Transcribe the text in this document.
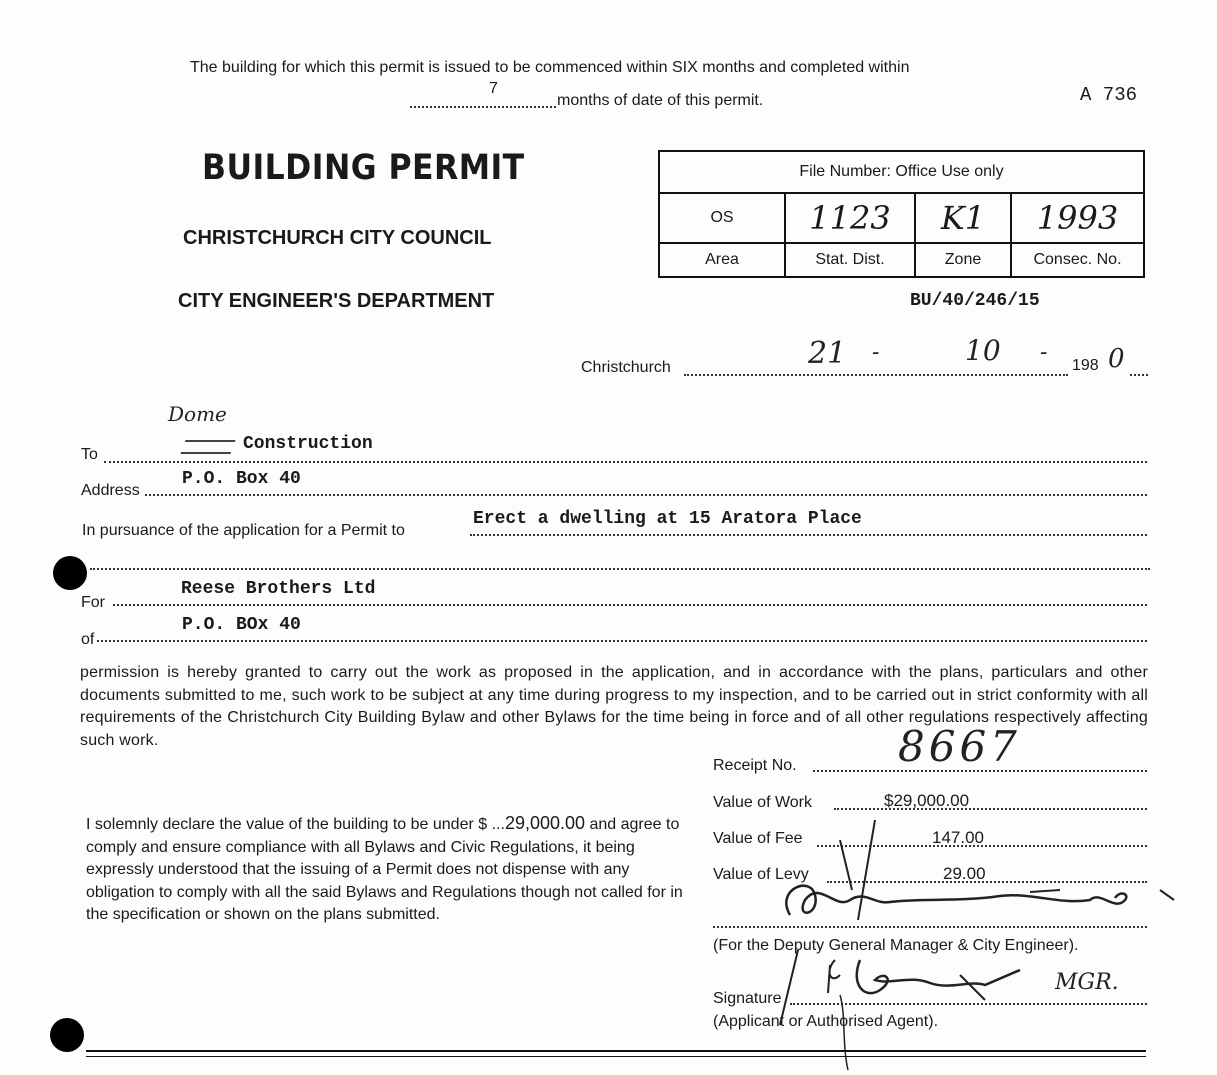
The building for which this permit is issued to be commenced within SIX months and completed within
7
months of date of this permit.	A 736
BUILDING PERMIT
CHRISTCHURCH CITY COUNCIL
CITY ENGINEER'S DEPARTMENT
File Number: Office Use only			
OS	1123	K1	1993
Area	Stat. Dist.	Zone	Consec. No.
BU/40/246/15
Christchurch	21 -	10 -
198 0
Dome
To
Construction
Address
P.O. Box 40
In pursuance of the application for a Permit to
Erect a dwelling at 15 Aratora Place
For
Reese Brothers Ltd
of
P.O. BOx 40
permission is hereby granted to carry out the work as proposed in the application, and in accordance with the plans, particulars and other documents submitted to me, such work to be subject at any time during progress to my inspection, and to be carried out in strict conformity with all requirements of the Christchurch City Building Bylaw and other Bylaws for the time being in force and of all other regulations respectively affecting such work.
I solemnly declare the value of the building to be under $ ...29,000.00 and agree to comply and ensure compliance with all Bylaws and Civic Regulations, it being expressly understood that the issuing of a Permit does not dispense with any obligation to comply with all the said Bylaws and Regulations though not called for in the specification or shown on the plans submitted.
Receipt No. 8667
Value of Work	$29,000.00
Value of Fee	147.00
Value of Levy	29.00
(For the Deputy General Manager & City Engineer).
Signature
MGR.
(Applicant or Authorised Agent).
